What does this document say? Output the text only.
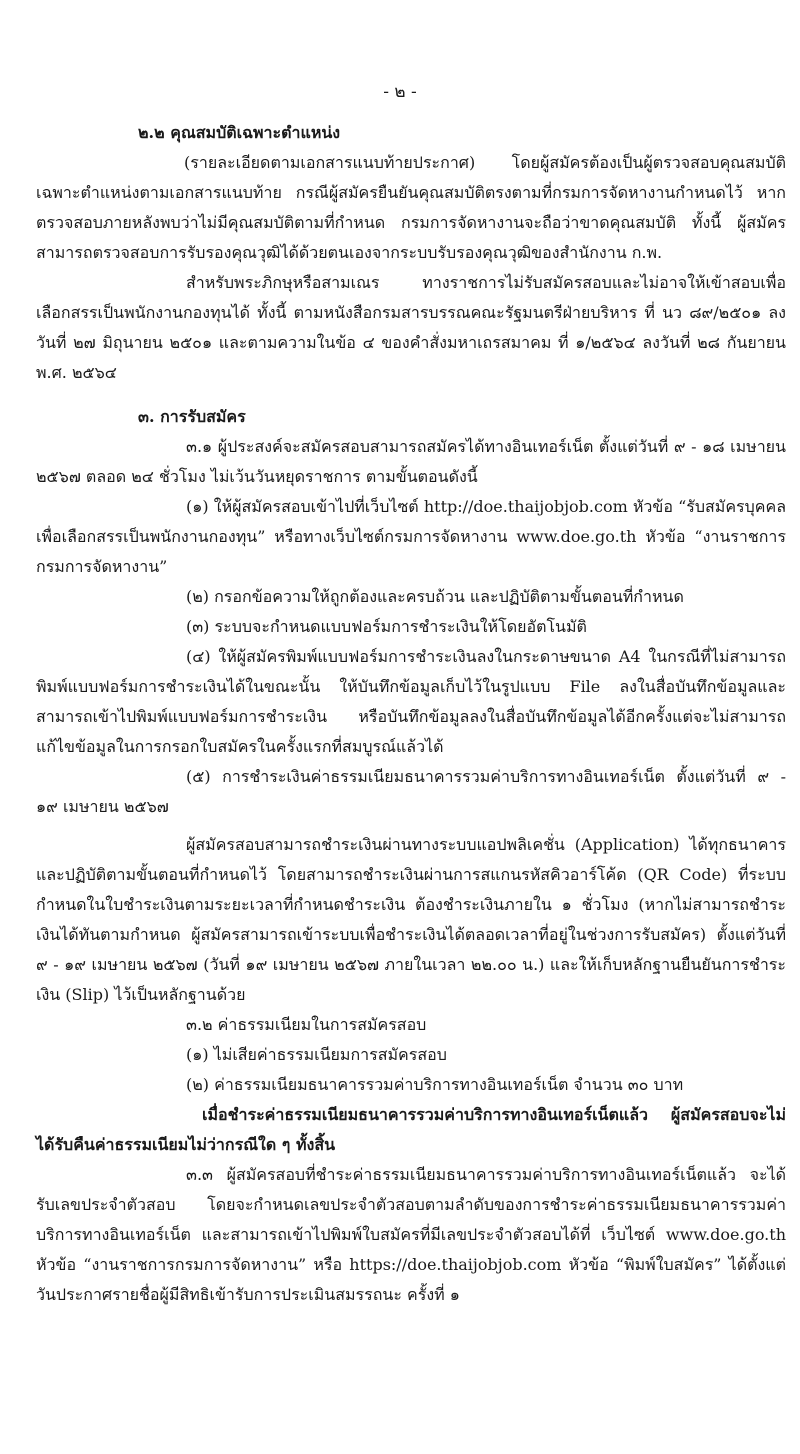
- ๒ -

๒.๒ คุณสมบัติเฉพาะตำแหน่ง

(รายละเอียดตามเอกสารแนบท้ายประกาศ) โดยผู้สมัครต้องเป็นผู้ตรวจสอบคุณสมบัติเฉพาะตำแหน่งตามเอกสารแนบท้าย กรณีผู้สมัครยืนยันคุณสมบัติตรงตามที่กรมการจัดหางานกำหนดไว้ หากตรวจสอบภายหลังพบว่าไม่มีคุณสมบัติตามที่กำหนด กรมการจัดหางานจะถือว่าขาดคุณสมบัติ ทั้งนี้ ผู้สมัครสามารถตรวจสอบการรับรองคุณวุฒิได้ด้วยตนเองจากระบบรับรองคุณวุฒิของสำนักงาน ก.พ.

สำหรับพระภิกษุหรือสามเณร ทางราชการไม่รับสมัครสอบและไม่อาจให้เข้าสอบเพื่อเลือกสรรเป็นพนักงานกองทุนได้ ทั้งนี้ ตามหนังสือกรมสารบรรณคณะรัฐมนตรีฝ่ายบริหาร ที่ นว ๘๙/๒๕๐๑ ลงวันที่ ๒๗ มิถุนายน ๒๕๐๑ และตามความในข้อ ๔ ของคำสั่งมหาเถรสมาคม ที่ ๑/๒๕๖๔ ลงวันที่ ๒๘ กันยายน พ.ศ. ๒๕๖๔

๓. การรับสมัคร

๓.๑ ผู้ประสงค์จะสมัครสอบสามารถสมัครได้ทางอินเทอร์เน็ต ตั้งแต่วันที่ ๙ - ๑๘ เมษายน ๒๕๖๗ ตลอด ๒๔ ชั่วโมง ไม่เว้นวันหยุดราชการ ตามขั้นตอนดังนี้

(๑) ให้ผู้สมัครสอบเข้าไปที่เว็บไซต์ http://doe.thaijobjob.com หัวข้อ “รับสมัครบุคคลเพื่อเลือกสรรเป็นพนักงานกองทุน” หรือทางเว็บไซต์กรมการจัดหางาน www.doe.go.th หัวข้อ “งานราชการกรมการจัดหางาน”

(๒) กรอกข้อความให้ถูกต้องและครบถ้วน และปฏิบัติตามขั้นตอนที่กำหนด

(๓) ระบบจะกำหนดแบบฟอร์มการชำระเงินให้โดยอัตโนมัติ

(๔) ให้ผู้สมัครพิมพ์แบบฟอร์มการชำระเงินลงในกระดาษขนาด A4 ในกรณีที่ไม่สามารถพิมพ์แบบฟอร์มการชำระเงินได้ในขณะนั้น ให้บันทึกข้อมูลเก็บไว้ในรูปแบบ File ลงในสื่อบันทึกข้อมูลและสามารถเข้าไปพิมพ์แบบฟอร์มการชำระเงิน หรือบันทึกข้อมูลลงในสื่อบันทึกข้อมูลได้อีกครั้งแต่จะไม่สามารถแก้ไขข้อมูลในการกรอกใบสมัครในครั้งแรกที่สมบูรณ์แล้วได้

(๕) การชำระเงินค่าธรรมเนียมธนาคารรวมค่าบริการทางอินเทอร์เน็ต ตั้งแต่วันที่ ๙ - ๑๙ เมษายน ๒๕๖๗

ผู้สมัครสอบสามารถชำระเงินผ่านทางระบบแอปพลิเคชั่น (Application) ได้ทุกธนาคาร และปฏิบัติตามขั้นตอนที่กำหนดไว้ โดยสามารถชำระเงินผ่านการสแกนรหัสคิวอาร์โค้ด (QR Code) ที่ระบบกำหนดในใบชำระเงินตามระยะเวลาที่กำหนดชำระเงิน ต้องชำระเงินภายใน ๑ ชั่วโมง (หากไม่สามารถชำระเงินได้ทันตามกำหนด ผู้สมัครสามารถเข้าระบบเพื่อชำระเงินได้ตลอดเวลาที่อยู่ในช่วงการรับสมัคร) ตั้งแต่วันที่ ๙ - ๑๙ เมษายน ๒๕๖๗ (วันที่ ๑๙ เมษายน ๒๕๖๗ ภายในเวลา ๒๒.๐๐ น.) และให้เก็บหลักฐานยืนยันการชำระเงิน (Slip) ไว้เป็นหลักฐานด้วย

๓.๒ ค่าธรรมเนียมในการสมัครสอบ

(๑) ไม่เสียค่าธรรมเนียมการสมัครสอบ

(๒) ค่าธรรมเนียมธนาคารรวมค่าบริการทางอินเทอร์เน็ต จำนวน ๓๐ บาท

เมื่อชำระค่าธรรมเนียมธนาคารรวมค่าบริการทางอินเทอร์เน็ตแล้ว ผู้สมัครสอบจะไม่ได้รับคืนค่าธรรมเนียมไม่ว่ากรณีใด ๆ ทั้งสิ้น

๓.๓ ผู้สมัครสอบที่ชำระค่าธรรมเนียมธนาคารรวมค่าบริการทางอินเทอร์เน็ตแล้ว จะได้รับเลขประจำตัวสอบ โดยจะกำหนดเลขประจำตัวสอบตามลำดับของการชำระค่าธรรมเนียมธนาคารรวมค่าบริการทางอินเทอร์เน็ต และสามารถเข้าไปพิมพ์ใบสมัครที่มีเลขประจำตัวสอบได้ที่ เว็บไซต์ www.doe.go.th หัวข้อ “งานราชการกรมการจัดหางาน” หรือ https://doe.thaijobjob.com หัวข้อ “พิมพ์ใบสมัคร” ได้ตั้งแต่วันประกาศรายชื่อผู้มีสิทธิเข้ารับการประเมินสมรรถนะ ครั้งที่ ๑
